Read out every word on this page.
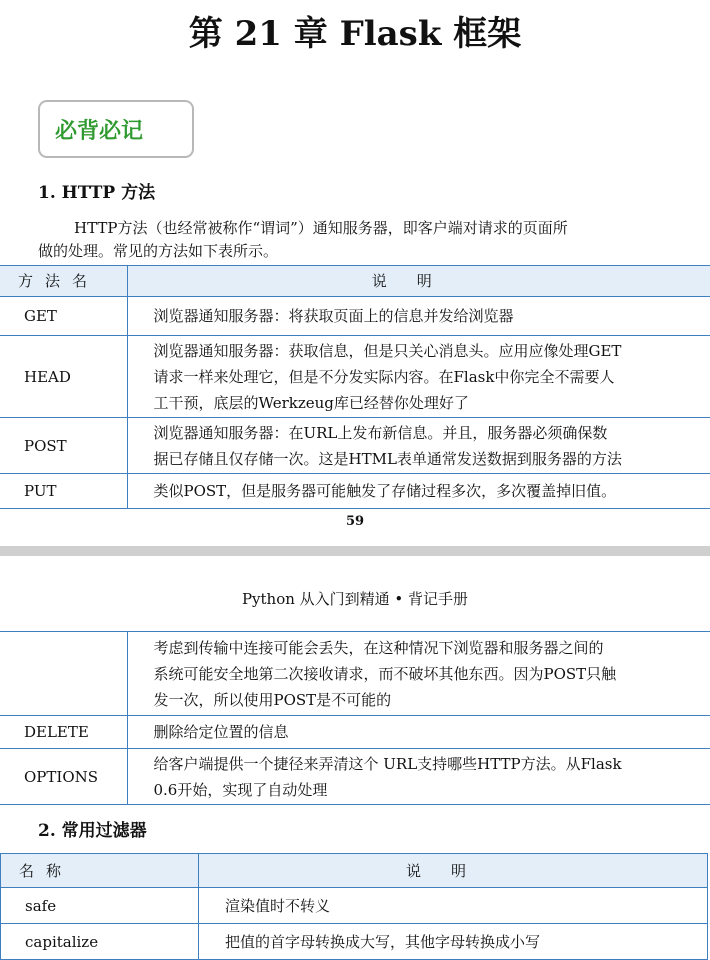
第 21 章 Flask 框架
必背必记
1. HTTP 方法
HTTP方法（也经常被称作“谓词”）通知服务器，即客户端对请求的页面所
做的处理。常见的方法如下表所示。
方法名	说明
GET	浏览器通知服务器：将获取页面上的信息并发给浏览器

HEAD	浏览器通知服务器：获取信息，但是只关心消息头。应用应像处理GET
请求一样来处理它，但是不分发实际内容。在Flask中你完全不需要人
工干预，底层的Werkzeug库已经替你处理好了

POST	浏览器通知服务器：在URL上发布新信息。并且，服务器必须确保数
据已存储且仅存储一次。这是HTML表单通常发送数据到服务器的方法

PUT	类似POST，但是服务器可能触发了存储过程多次，多次覆盖掉旧值。
59
Python 从入门到精通 • 背记手册

	考虑到传输中连接可能会丢失，在这种情况下浏览器和服务器之间的
系统可能安全地第二次接收请求，而不破坏其他东西。因为POST只触
发一次，所以使用POST是不可能的

DELETE	删除给定位置的信息

OPTIONS	给客户端提供一个捷径来弄清这个 URL支持哪些HTTP方法。从Flask
0.6开始，实现了自动处理
2. 常用过滤器
名称	说明
safe	渲染值时不转义
capitalize	把值的首字母转换成大写，其他字母转换成小写
